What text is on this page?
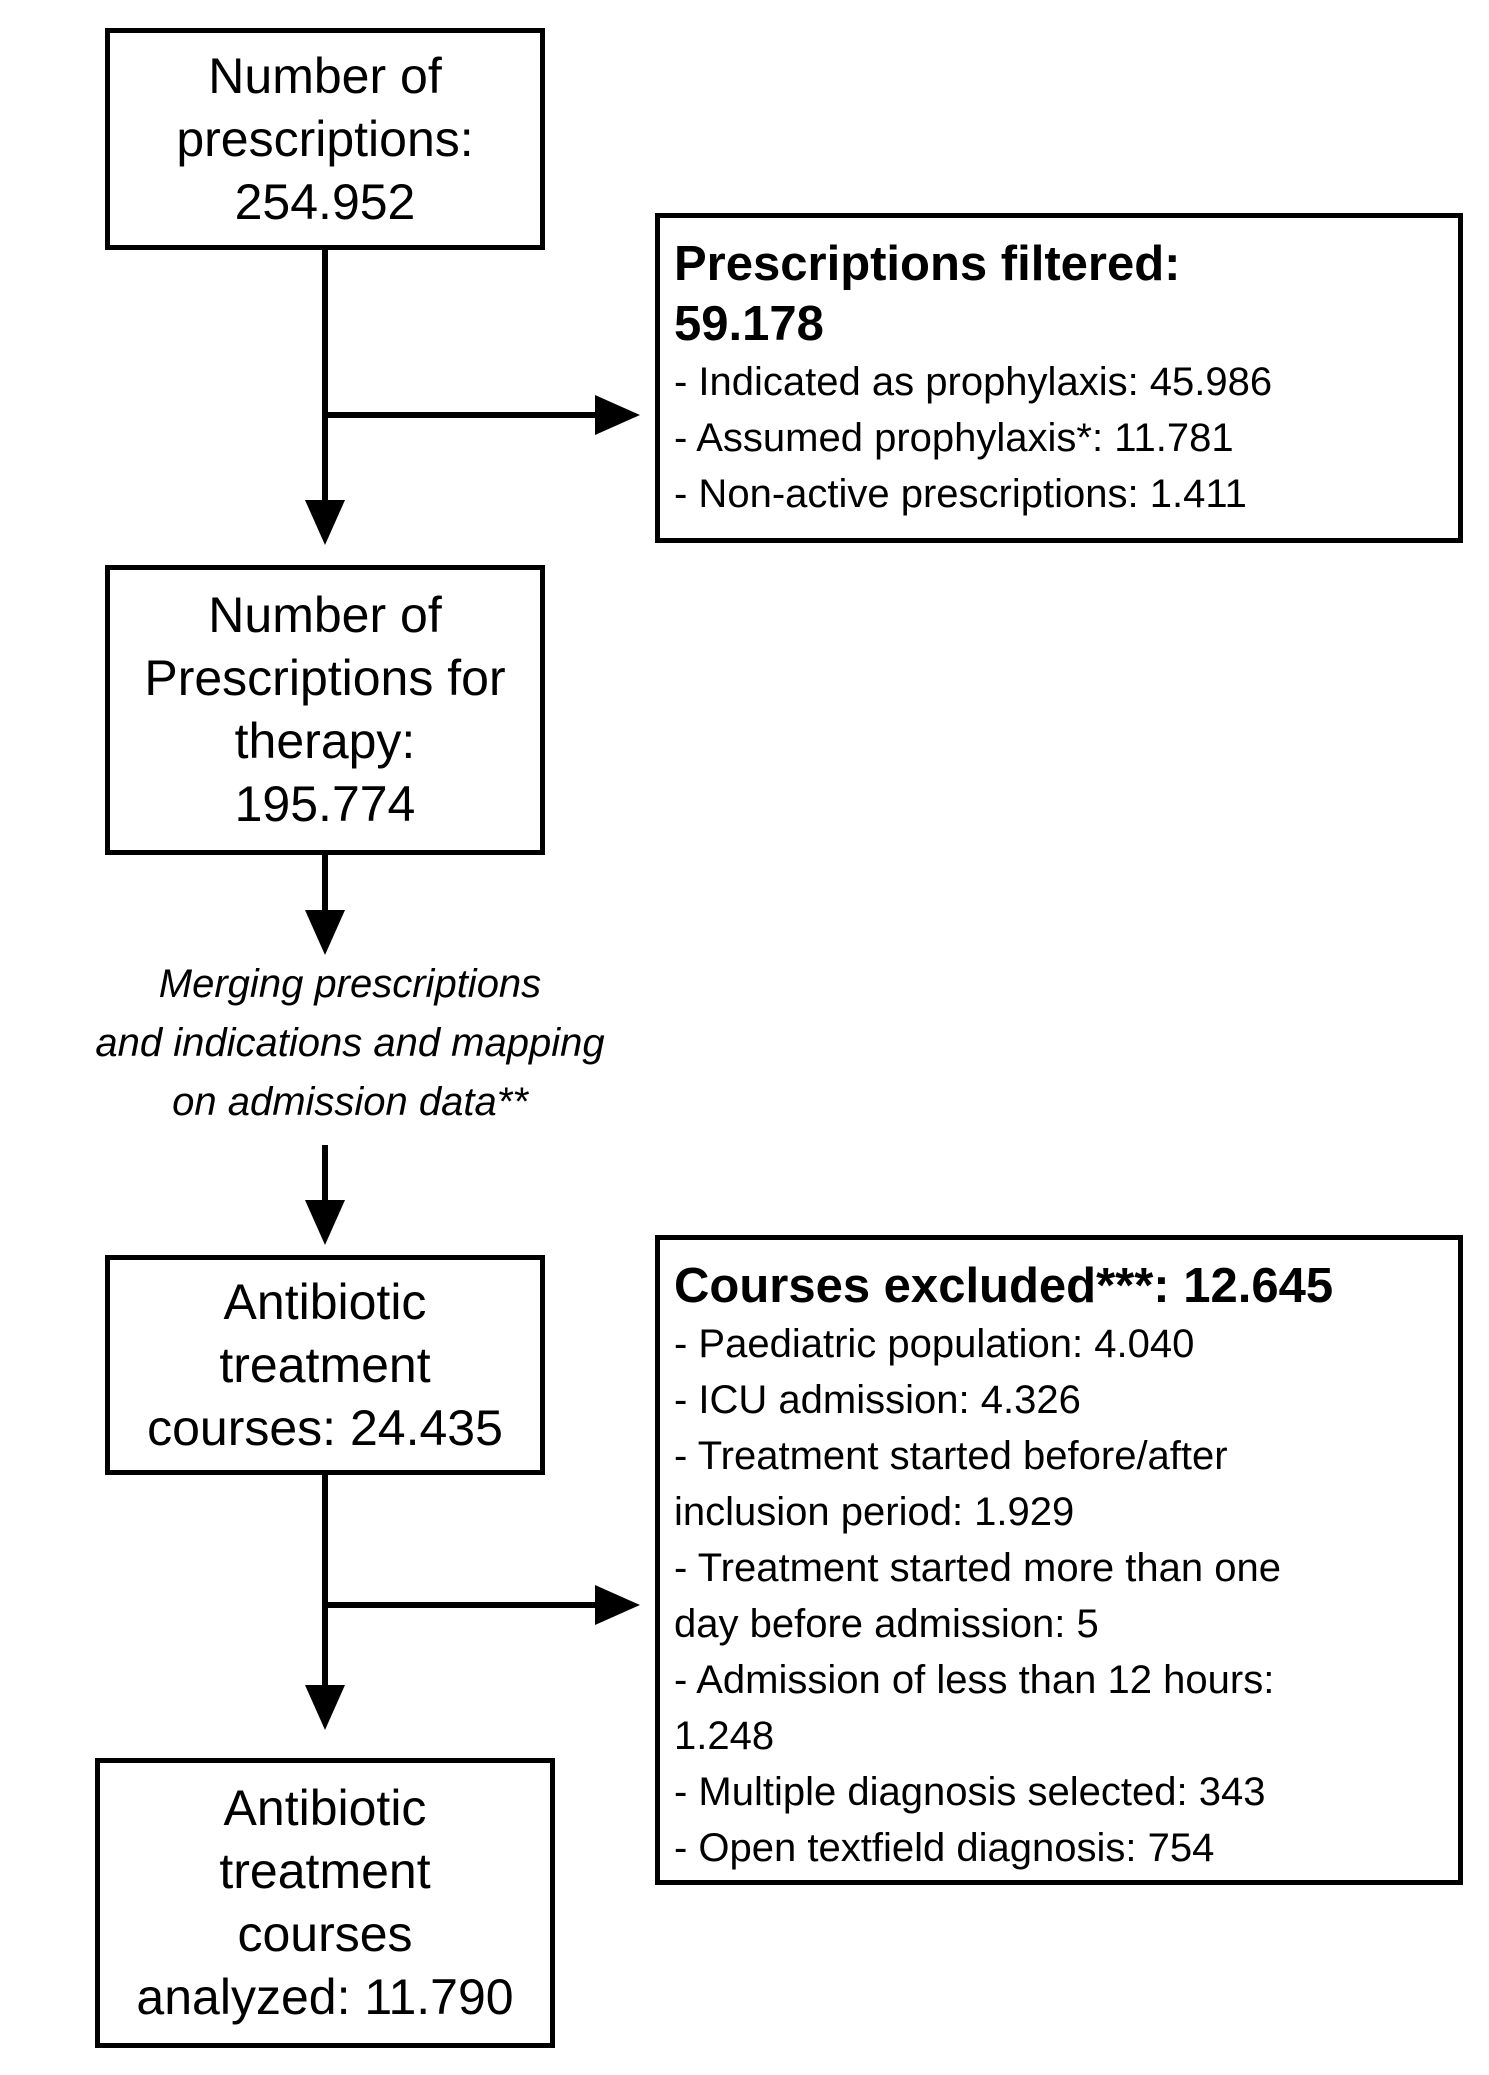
Number of
prescriptions:
254.952
Prescriptions filtered:
59.178
- Indicated as prophylaxis: 45.986
- Assumed prophylaxis*: 11.781
- Non-active prescriptions: 1.411
Number of
Prescriptions for
therapy:
195.774
Merging prescriptions
and indications and mapping
on admission data**
Antibiotic
treatment
courses: 24.435
Courses excluded***: 12.645
- Paediatric population: 4.040
- ICU admission: 4.326
- Treatment started before/after
inclusion period: 1.929
- Treatment started more than one
day before admission: 5
- Admission of less than 12 hours:
1.248
- Multiple diagnosis selected: 343
- Open textfield diagnosis: 754
Antibiotic
treatment
courses
analyzed: 11.790
